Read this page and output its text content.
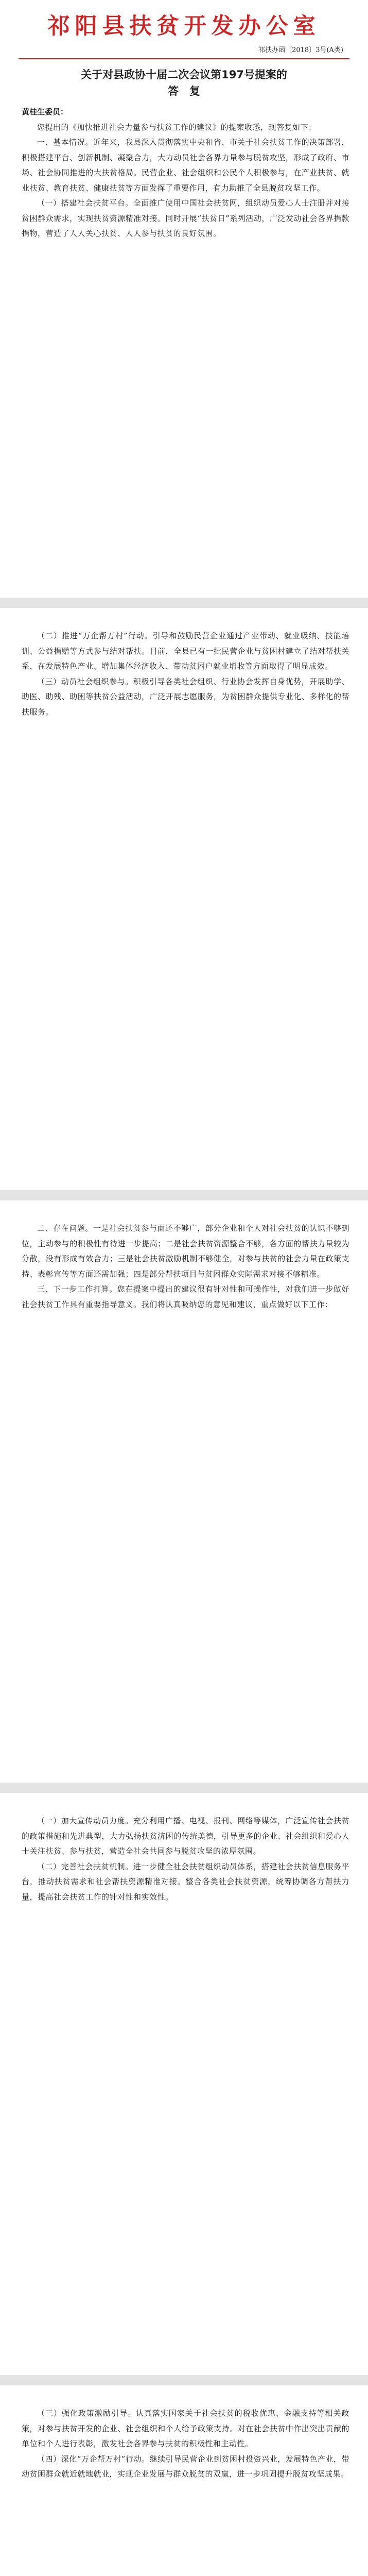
祁阳县扶贫开发办公室
祁扶办函〔2018〕3号(A类)
关于对县政协十届二次会议第197号提案的
答　复

黄桂生委员：

您提出的《加快推进社会力量参与扶贫工作的建议》的提案收悉，现答复如下：

一、基本情况。近年来，我县深入贯彻落实中央和省、市关于社会扶贫工作的决策部署，积极搭建平台、创新机制、凝聚合力，大力动员社会各界力量参与脱贫攻坚，形成了政府、市场、社会协同推进的大扶贫格局。民营企业、社会组织和公民个人积极参与，在产业扶贫、就业扶贫、教育扶贫、健康扶贫等方面发挥了重要作用，有力助推了全县脱贫攻坚工作。

（一）搭建社会扶贫平台。全面推广使用中国社会扶贫网，组织动员爱心人士注册并对接贫困群众需求，实现扶贫资源精准对接。同时开展“扶贫日”系列活动，广泛发动社会各界捐款捐物，营造了人人关心扶贫、人人参与扶贫的良好氛围。

（二）推进“万企帮万村”行动。引导和鼓励民营企业通过产业带动、就业吸纳、技能培训、公益捐赠等方式参与结对帮扶。目前，全县已有一批民营企业与贫困村建立了结对帮扶关系，在发展特色产业、增加集体经济收入、带动贫困户就业增收等方面取得了明显成效。

（三）动员社会组织参与。积极引导各类社会组织、行业协会发挥自身优势，开展助学、助医、助残、助困等扶贫公益活动，广泛开展志愿服务，为贫困群众提供专业化、多样化的帮扶服务。

二、存在问题。一是社会扶贫参与面还不够广，部分企业和个人对社会扶贫的认识不够到位，主动参与的积极性有待进一步提高；二是社会扶贫资源整合不够，各方面的帮扶力量较为分散，没有形成有效合力；三是社会扶贫激励机制不够健全，对参与扶贫的社会力量在政策支持、表彰宣传等方面还需加强；四是部分帮扶项目与贫困群众实际需求对接不够精准。

三、下一步工作打算。您在提案中提出的建议很有针对性和可操作性，对我们进一步做好社会扶贫工作具有重要指导意义。我们将认真吸纳您的意见和建议，重点做好以下工作：

（一）加大宣传动员力度。充分利用广播、电视、报刊、网络等媒体，广泛宣传社会扶贫的政策措施和先进典型，大力弘扬扶贫济困的传统美德，引导更多的企业、社会组织和爱心人士关注扶贫、参与扶贫，营造全社会共同参与脱贫攻坚的浓厚氛围。

（二）完善社会扶贫机制。进一步健全社会扶贫组织动员体系，搭建社会扶贫信息服务平台，推动扶贫需求和社会帮扶资源精准对接。整合各类社会扶贫资源，统筹协调各方帮扶力量，提高社会扶贫工作的针对性和实效性。

（三）强化政策激励引导。认真落实国家关于社会扶贫的税收优惠、金融支持等相关政策，对参与扶贫开发的企业、社会组织和个人给予政策支持。对在社会扶贫中作出突出贡献的单位和个人进行表彰，激发社会各界参与扶贫的积极性和主动性。

（四）深化“万企帮万村”行动。继续引导民营企业到贫困村投资兴业，发展特色产业，带动贫困群众就近就地就业，实现企业发展与群众脱贫的双赢，进一步巩固提升脱贫攻坚成果。
